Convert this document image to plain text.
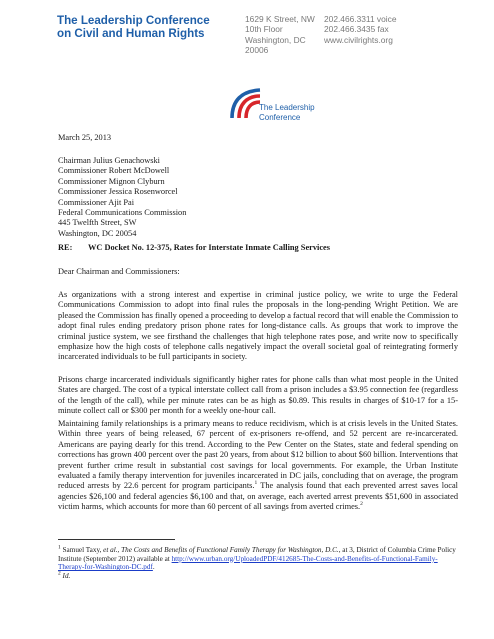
The Leadership Conference
on Civil and Human Rights
1629 K Street, NW
10th Floor
Washington, DC
20006
202.466.3311 voice
202.466.3435 fax
www.civilrights.org
The Leadership
Conference
March 25, 2013
Chairman Julius Genachowski
Commissioner Robert McDowell
Commissioner Mignon Clyburn
Commissioner Jessica Rosenworcel
Commissioner Ajit Pai
Federal Communications Commission
445 Twelfth Street, SW
Washington, DC 20054
RE: WC Docket No. 12-375, Rates for Interstate Inmate Calling Services
Dear Chairman and Commissioners:
As organizations with a strong interest and expertise in criminal justice policy, we write to urge the Federal Communications Commission to adopt into final rules the proposals in the long-pending Wright Petition. We are pleased the Commission has finally opened a proceeding to develop a factual record that will enable the Commission to adopt final rules ending predatory prison phone rates for long-distance calls. As groups that work to improve the criminal justice system, we see firsthand the challenges that high telephone rates pose, and write now to specifically emphasize how the high costs of telephone calls negatively impact the overall societal goal of reintegrating formerly incarcerated individuals to be full participants in society.
Prisons charge incarcerated individuals significantly higher rates for phone calls than what most people in the United States are charged. The cost of a typical interstate collect call from a prison includes a $3.95 connection fee (regardless of the length of the call), while per minute rates can be as high as $0.89. This results in charges of $10-17 for a 15-minute collect call or $300 per month for a weekly one-hour call.
Maintaining family relationships is a primary means to reduce recidivism, which is at crisis levels in the United States. Within three years of being released, 67 percent of ex-prisoners re-offend, and 52 percent are re-incarcerated. Americans are paying dearly for this trend. According to the Pew Center on the States, state and federal spending on corrections has grown 400 percent over the past 20 years, from about $12 billion to about $60 billion. Interventions that prevent further crime result in substantial cost savings for local governments. For example, the Urban Institute evaluated a family therapy intervention for juveniles incarcerated in DC jails, concluding that on average, the program reduced arrests by 22.6 percent for program participants.$^1$ The analysis found that each prevented arrest saves local agencies $26,100 and federal agencies $6,100 and that, on average, each averted arrest prevents $51,600 in associated victim harms, which accounts for more than 60 percent of all savings from averted crimes.$^2$
$^1$ Samuel Taxy, et al., The Costs and Benefits of Functional Family Therapy for Washington, D.C., at 3, District of Columbia Crime Policy Institute (September 2012) available at http://www.urban.org/UploadedPDF/412685-The-Costs-and-Benefits-of-Functional-Family-Therapy-for-Washington-DC.pdf.
$^2$ Id.
